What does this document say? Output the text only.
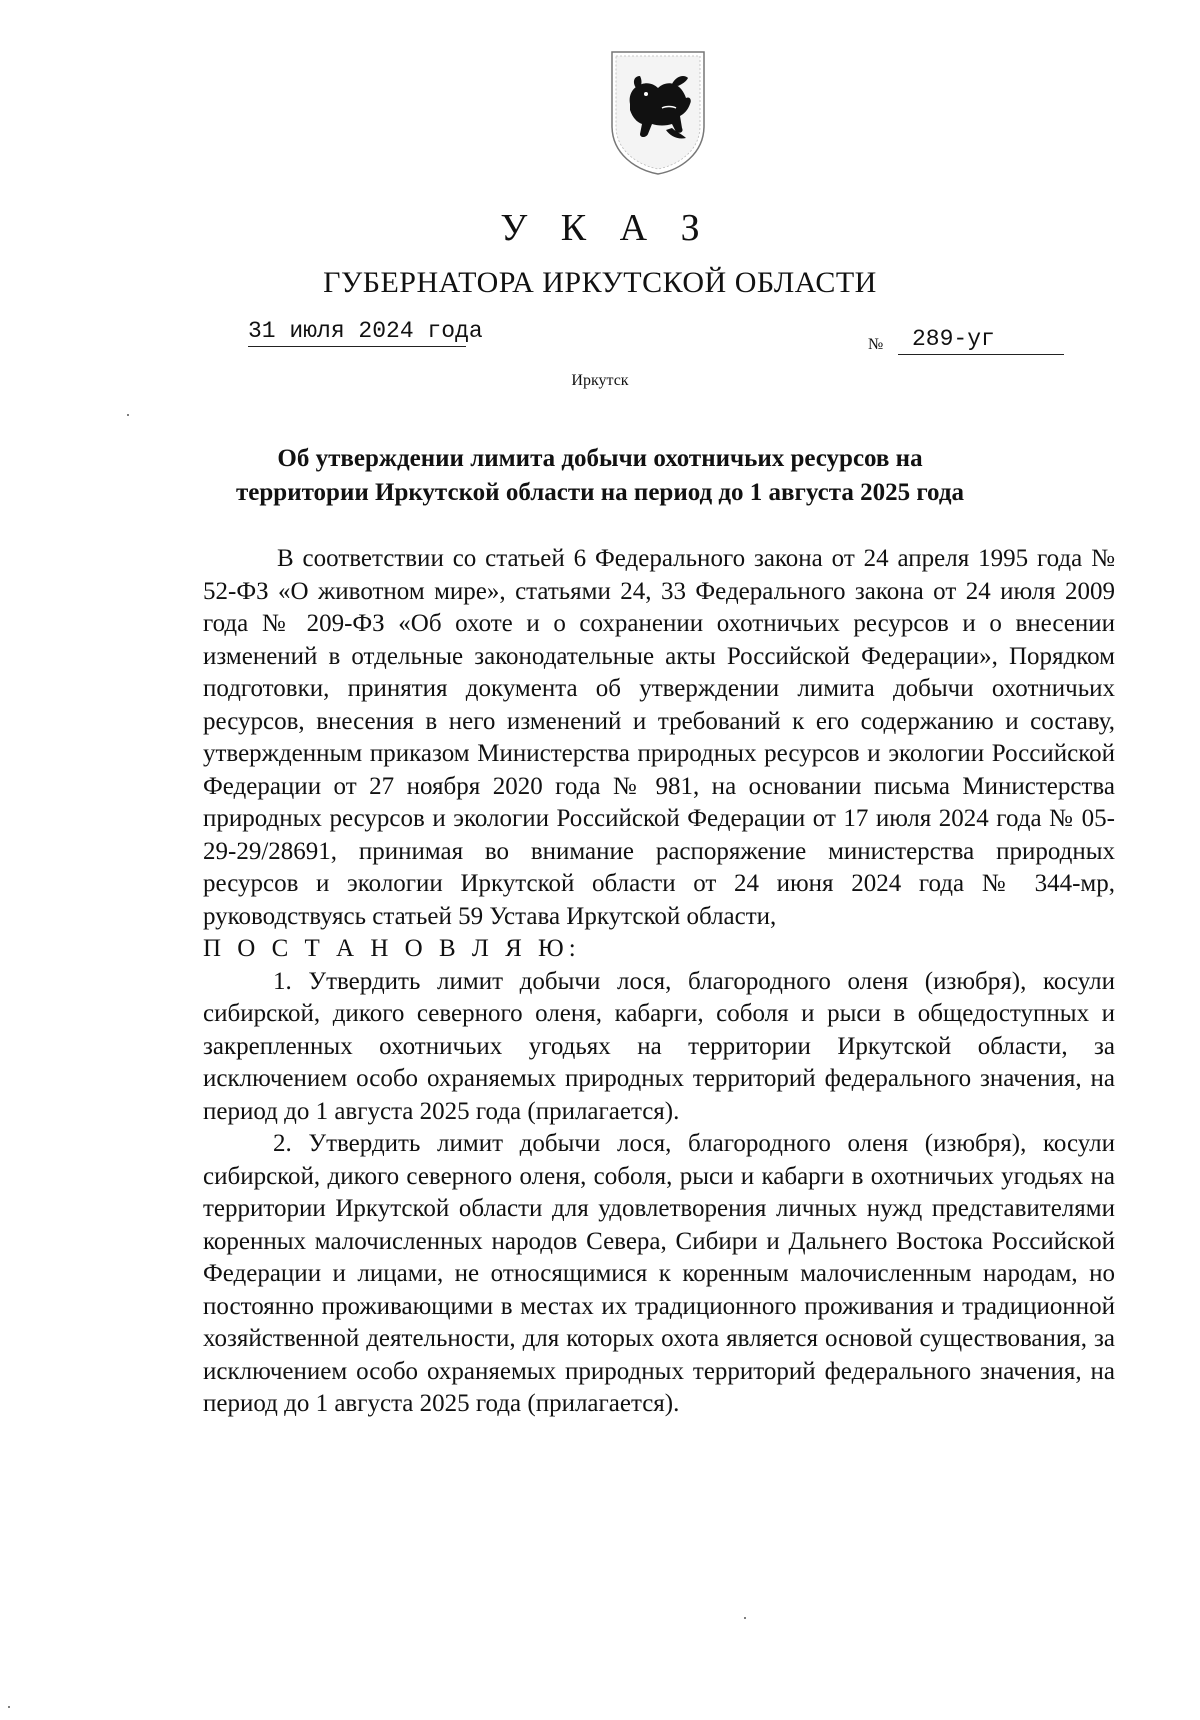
У К А З
ГУБЕРНАТОРА ИРКУТСКОЙ ОБЛАСТИ
31 июля 2024 года
№	289-уг
Иркутск
Об утверждении лимита добычи охотничьих ресурсов на
территории Иркутской области на период до 1 августа 2025 года

В соответствии со статьей 6 Федерального закона от 24 апреля 1995 года № 52-ФЗ «О животном мире», статьями 24, 33 Федерального закона от 24 июля 2009 года № 209-ФЗ «Об охоте и о сохранении охотничьих ресурсов и о внесении изменений в отдельные законодательные акты Российской Федерации», Порядком подготовки, принятия документа об утверждении лимита добычи охотничьих ресурсов, внесения в него изменений и требований к его содержанию и составу, утвержденным приказом Министерства природных ресурсов и экологии Российской Федерации от 27 ноября 2020 года № 981, на основании письма Министерства природных ресурсов и экологии Российской Федерации от 17 июля 2024 года № 05-29-29/28691, принимая во внимание распоряжение министерства природных ресурсов и экологии Иркутской области от 24 июня 2024 года № 344-мр, руководствуясь статьей 59 Устава Иркутской области,

П О С Т А Н О В Л Я Ю:

1. Утвердить лимит добычи лося, благородного оленя (изюбря), косули сибирской, дикого северного оленя, кабарги, соболя и рыси в общедоступных и закрепленных охотничьих угодьях на территории Иркутской области, за исключением особо охраняемых природных территорий федерального значения, на период до 1 августа 2025 года (прилагается).

2. Утвердить лимит добычи лося, благородного оленя (изюбря), косули сибирской, дикого северного оленя, соболя, рыси и кабарги в охотничьих угодьях на территории Иркутской области для удовлетворения личных нужд представителями коренных малочисленных народов Севера, Сибири и Дальнего Востока Российской Федерации и лицами, не относящимися к коренным малочисленным народам, но постоянно проживающими в местах их традиционного проживания и традиционной хозяйственной деятельности, для которых охота является основой существования, за исключением особо охраняемых природных территорий федерального значения, на период до 1 августа 2025 года (прилагается).
